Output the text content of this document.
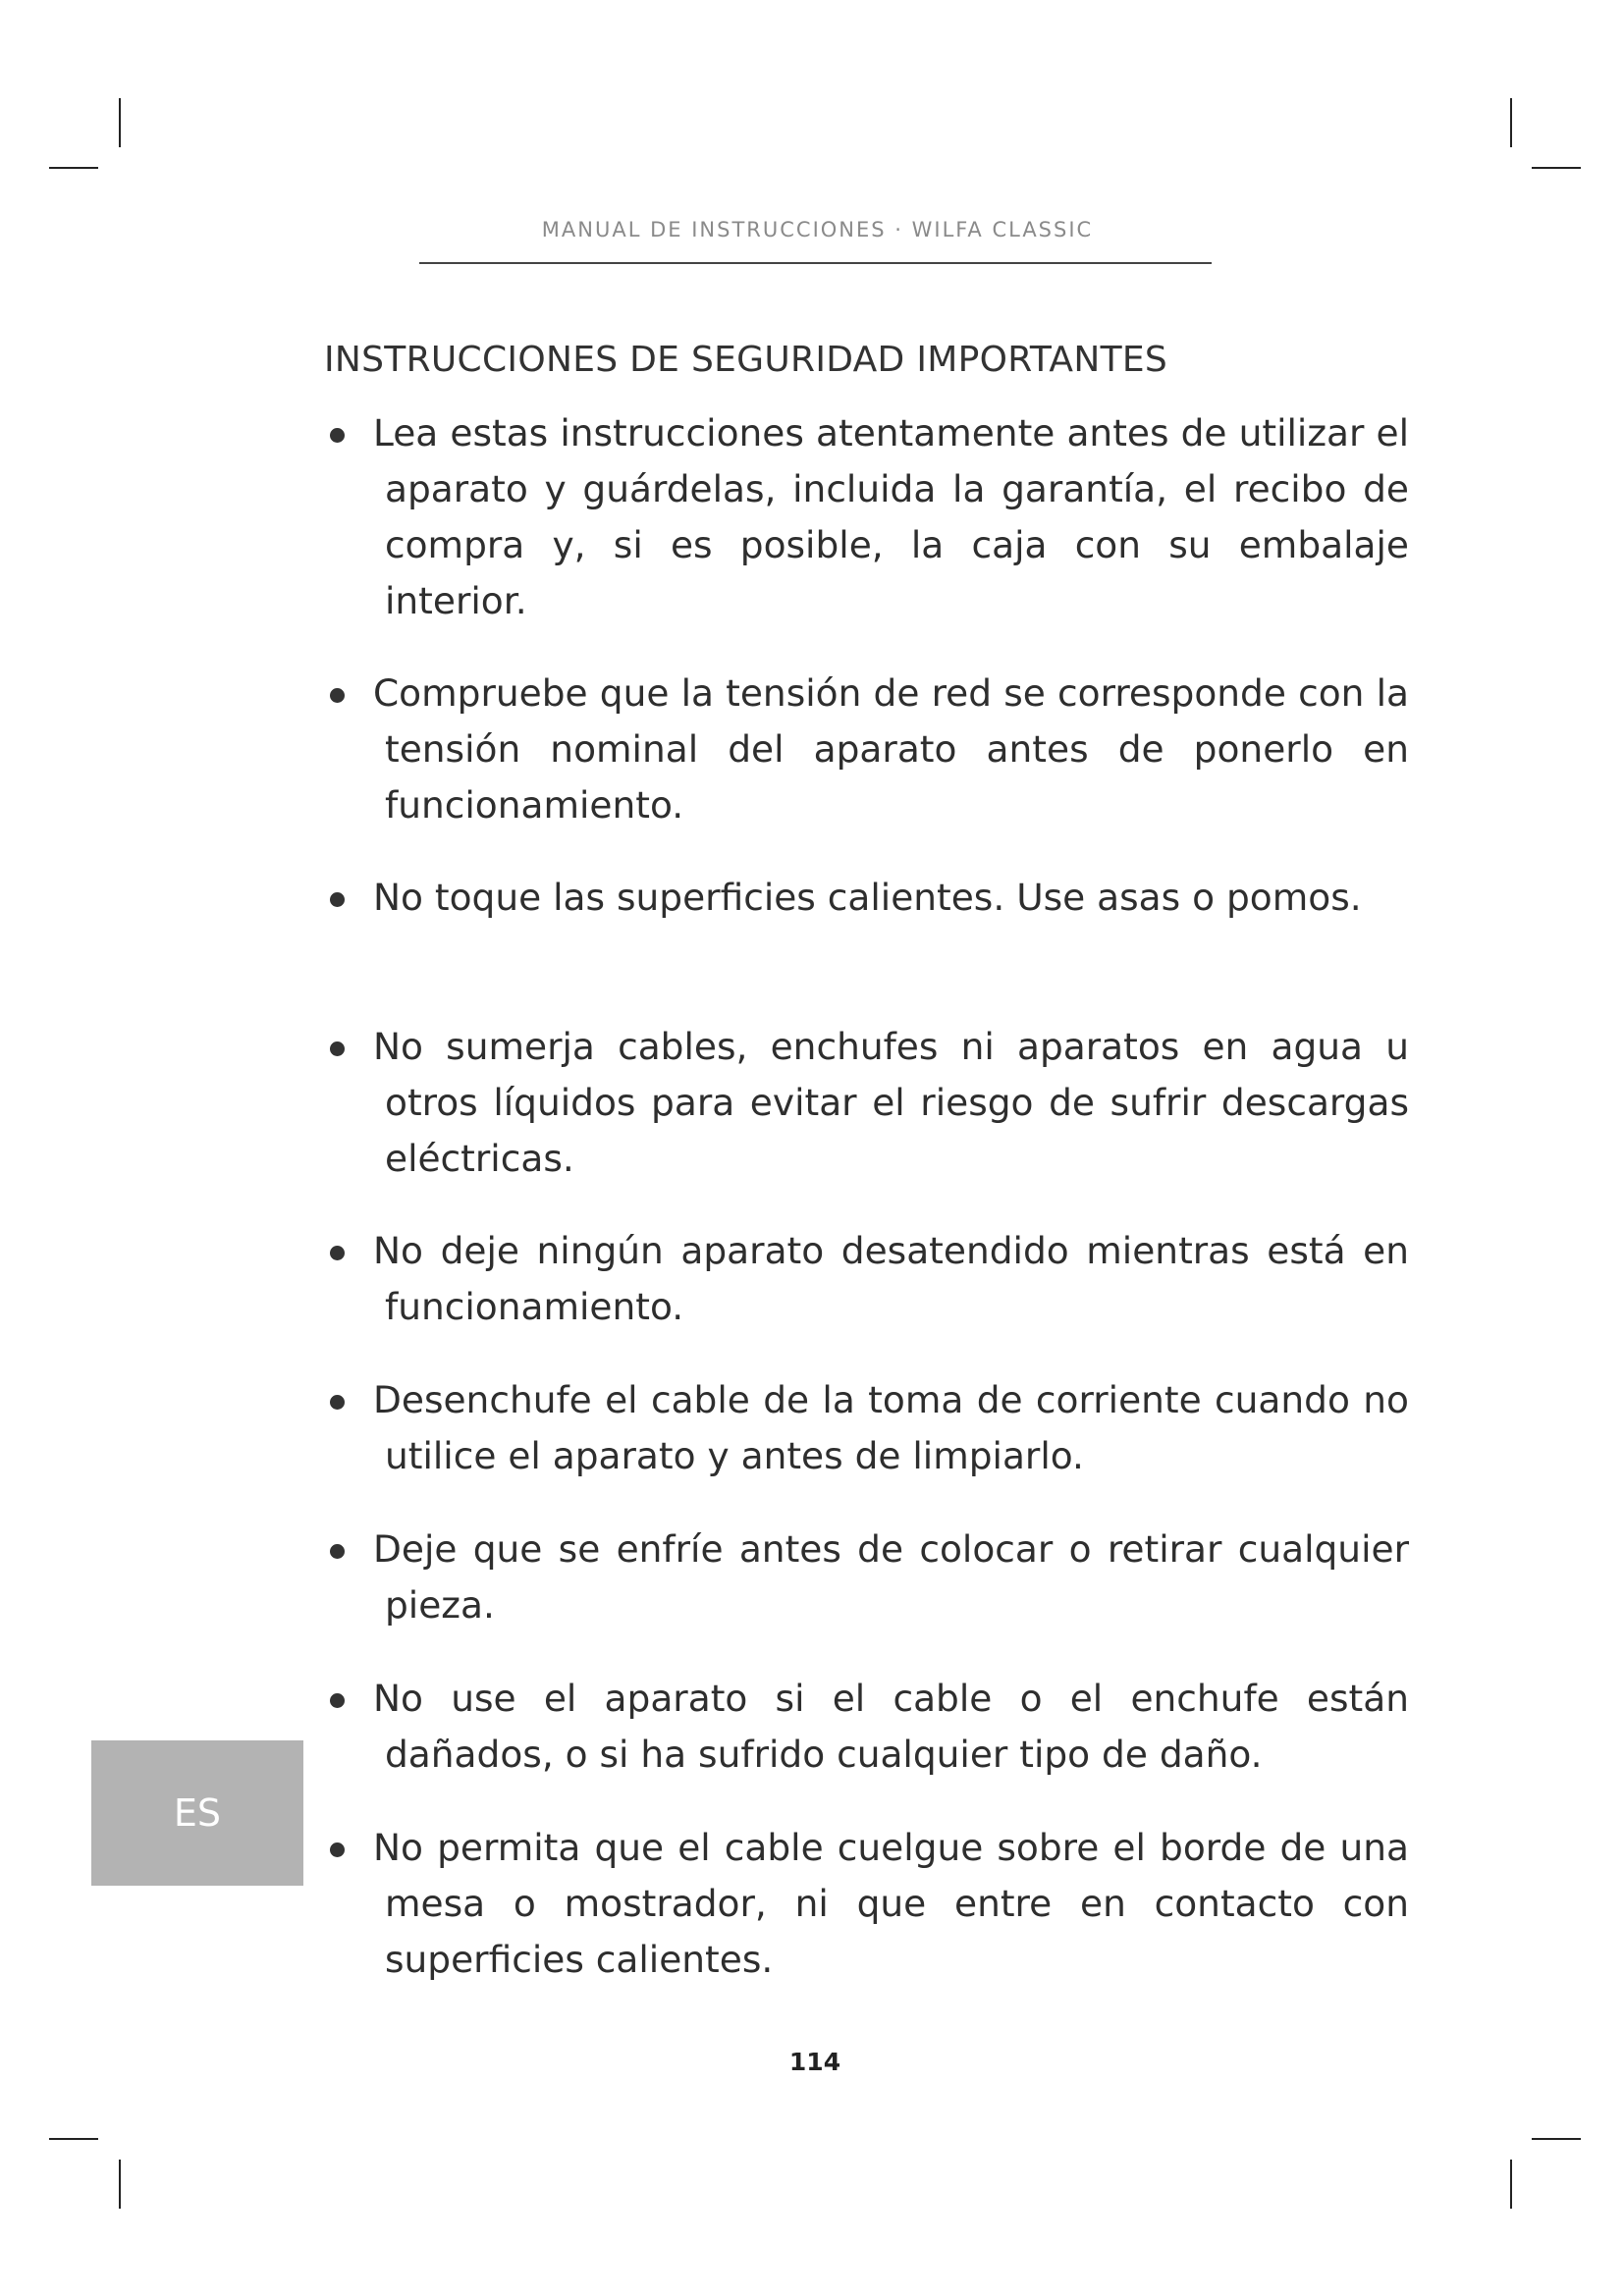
MANUAL DE INSTRUCCIONES · WILFA CLASSIC
INSTRUCCIONES DE SEGURIDAD IMPORTANTES
Lea estas instrucciones atentamente antes de utilizar el aparato y guárdelas, incluida la garantía, el recibo de compra y, si es posible, la caja con su embalaje interior.
Compruebe que la tensión de red se corresponde con la tensión nominal del aparato antes de ponerlo en funcionamiento.
No toque las superficies calientes. Use asas o pomos.
No sumerja cables, enchufes ni aparatos en agua u otros líquidos para evitar el riesgo de sufrir descargas eléctricas.
No deje ningún aparato desatendido mientras está en funcionamiento.
Desenchufe el cable de la toma de corriente cuando no utilice el aparato y antes de limpiarlo.
Deje que se enfríe antes de colocar o retirar cualquier pieza.
No use el aparato si el cable o el enchufe están dañados, o si ha sufrido cualquier tipo de daño.
No permita que el cable cuelgue sobre el borde de una mesa o mostrador, ni que entre en contacto con superficies calientes.
ES
114
